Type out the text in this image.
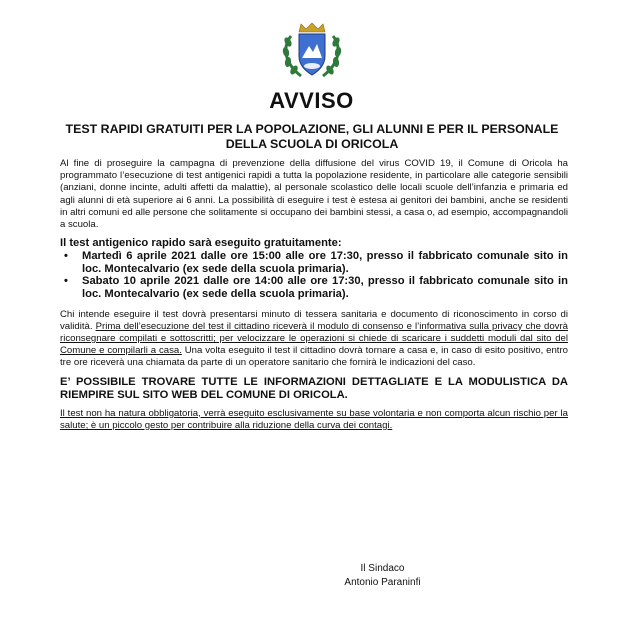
AVVISO
TEST RAPIDI GRATUITI PER LA POPOLAZIONE, GLI ALUNNI E PER IL PERSONALE DELLA SCUOLA DI ORICOLA

Al fine di proseguire la campagna di prevenzione della diffusione del virus COVID 19, il Comune di Oricola ha programmato l’esecuzione di test antigenici rapidi a tutta la popolazione residente, in particolare alle categorie sensibili (anziani, donne incinte, adulti affetti da malattie), al personale scolastico delle locali scuole dell’infanzia e primaria ed agli alunni di età superiore ai 6 anni. La possibilità di eseguire i test è estesa ai genitori dei bambini, anche se residenti in altri comuni ed alle persone che solitamente si occupano dei bambini stessi, a casa o, ad esempio, accompagnandoli a scuola.

Il test antigenico rapido sarà eseguito gratuitamente:

• Martedì 6 aprile 2021 dalle ore 15:00 alle ore 17:30, presso il fabbricato comunale sito in loc. Montecalvario (ex sede della scuola primaria).
• Sabato 10 aprile 2021 dalle ore 14:00 alle ore 17:30, presso il fabbricato comunale sito in loc. Montecalvario (ex sede della scuola primaria).

Chi intende eseguire il test dovrà presentarsi minuto di tessera sanitaria e documento di riconoscimento in corso di validità. Prima dell’esecuzione del test il cittadino riceverà il modulo di consenso e l’informativa sulla privacy che dovrà riconsegnare compilati e sottoscritti; per velocizzare le operazioni si chiede di scaricare i suddetti moduli dal sito del Comune e compilarli a casa. Una volta eseguito il test il cittadino dovrà tornare a casa e, in caso di esito positivo, entro tre ore riceverà una chiamata da parte di un operatore sanitario che fornirà le indicazioni del caso.

E’ POSSIBILE TROVARE TUTTE LE INFORMAZIONI DETTAGLIATE E LA MODULISTICA DA RIEMPIRE SUL SITO WEB DEL COMUNE DI ORICOLA.

Il test non ha natura obbligatoria, verrà eseguito esclusivamente su base volontaria e non comporta alcun rischio per la salute; è un piccolo gesto per contribuire alla riduzione della curva dei contagi.

Il Sindaco
Antonio Paraninfi
